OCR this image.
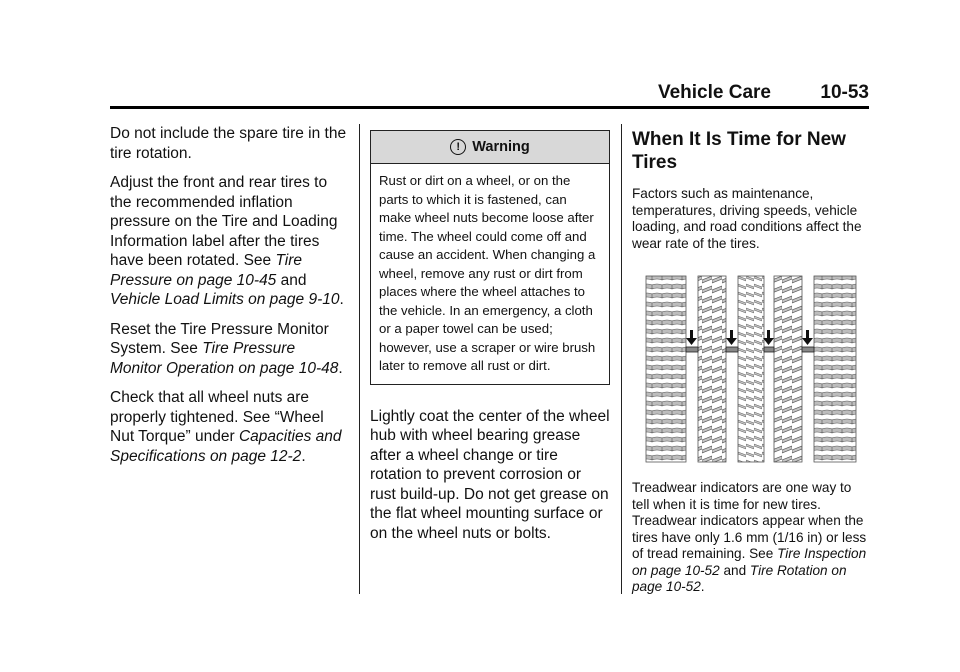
Vehicle Care	10-53

Do not include the spare tire in the tire rotation.

Adjust the front and rear tires to the recommended inflation pressure on the Tire and Loading Information label after the tires have been rotated. See Tire Pressure on page 10-45 and Vehicle Load Limits on page 9-10.

Reset the Tire Pressure Monitor System. See Tire Pressure Monitor Operation on page 10-48.

Check that all wheel nuts are properly tightened. See “Wheel Nut Torque” under Capacities and Specifications on page 12-2.

! Warning
Rust or dirt on a wheel, or on the parts to which it is fastened, can make wheel nuts become loose after time. The wheel could come off and cause an accident. When changing a wheel, remove any rust or dirt from places where the wheel attaches to the vehicle. In an emergency, a cloth or a paper towel can be used; however, use a scraper or wire brush later to remove all rust or dirt.

Lightly coat the center of the wheel hub with wheel bearing grease after a wheel change or tire rotation to prevent corrosion or rust build-up. Do not get grease on the flat wheel mounting surface or on the wheel nuts or bolts.

When It Is Time for New Tires

Factors such as maintenance, temperatures, driving speeds, vehicle loading, and road conditions affect the wear rate of the tires.

Treadwear indicators are one way to tell when it is time for new tires. Treadwear indicators appear when the tires have only 1.6 mm (1/16 in) or less of tread remaining. See Tire Inspection on page 10-52 and Tire Rotation on page 10-52.
